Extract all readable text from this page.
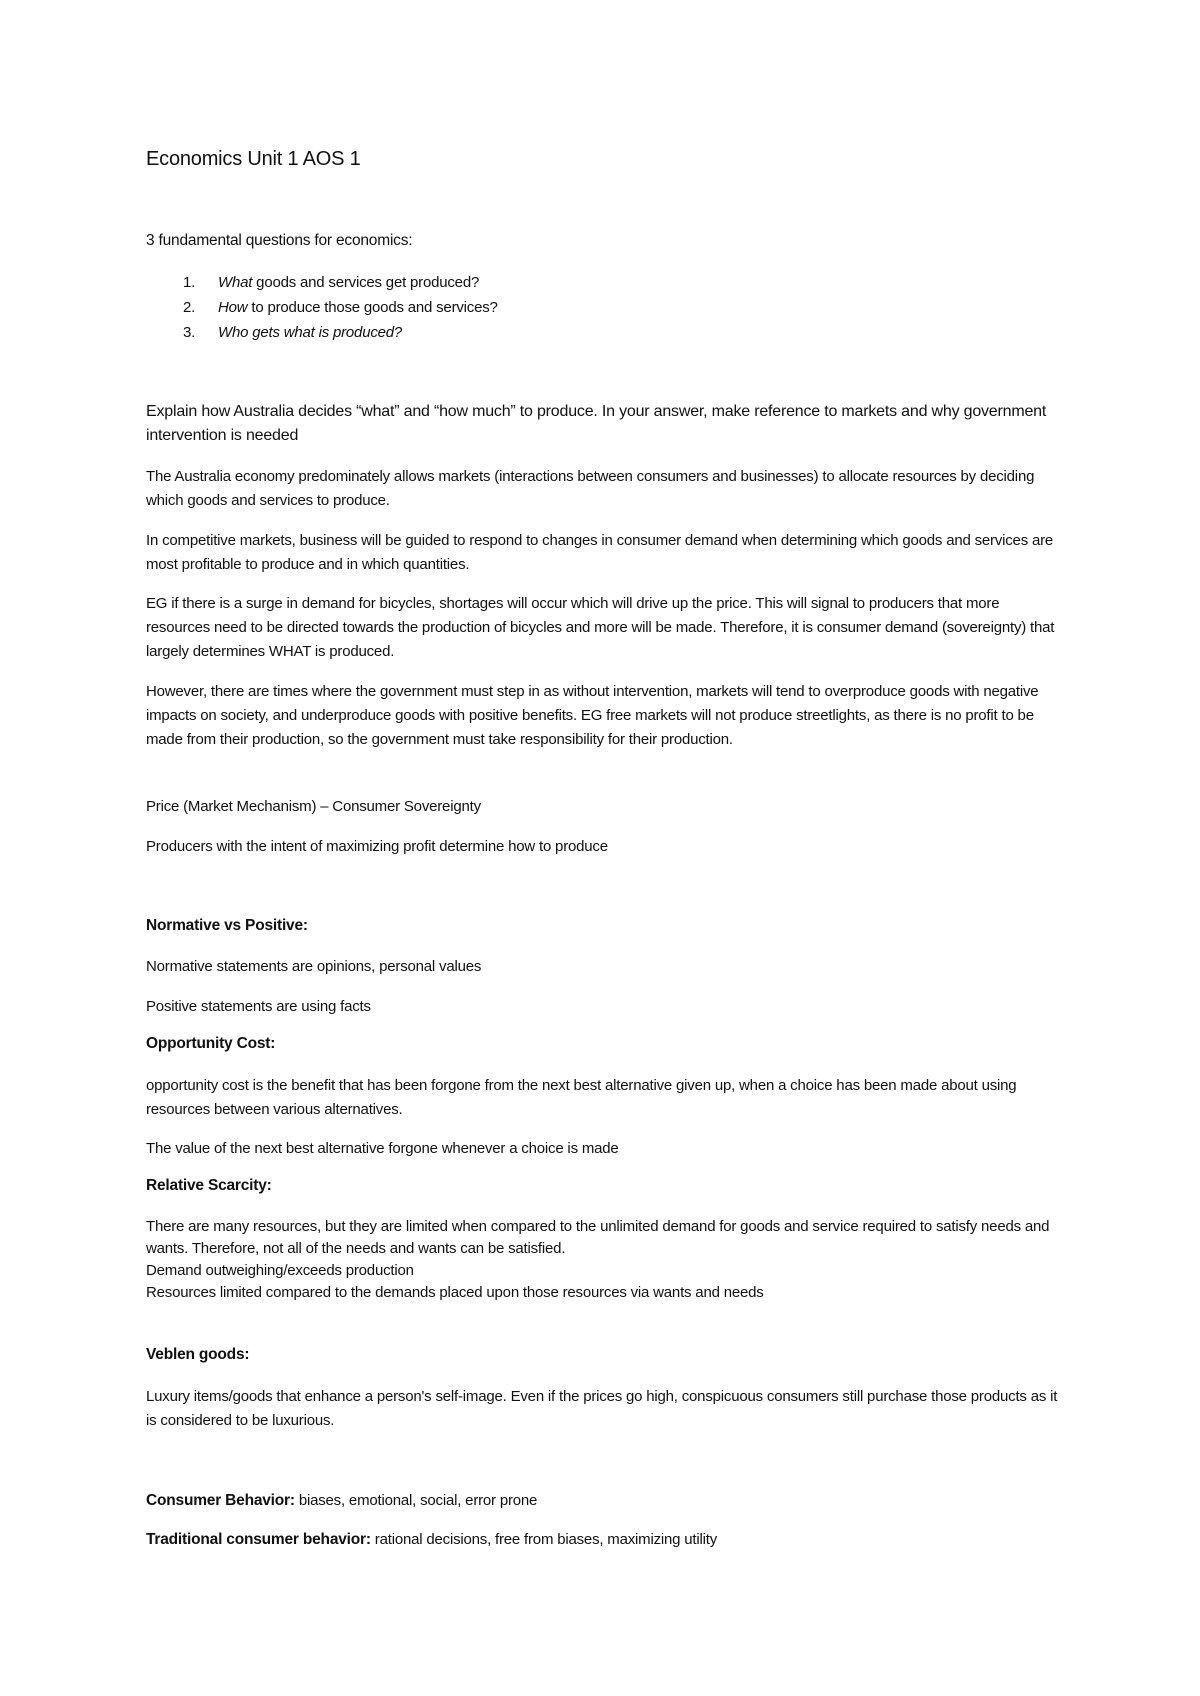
Economics Unit 1 AOS 1

3 fundamental questions for economics:

1. What goods and services get produced?
2. How to produce those goods and services?
3. Who gets what is produced?

Explain how Australia decides “what” and “how much” to produce. In your answer, make reference to markets and why government intervention is needed

The Australia economy predominately allows markets (interactions between consumers and businesses) to allocate resources by deciding which goods and services to produce.

In competitive markets, business will be guided to respond to changes in consumer demand when determining which goods and services are most profitable to produce and in which quantities.

EG if there is a surge in demand for bicycles, shortages will occur which will drive up the price. This will signal to producers that more resources need to be directed towards the production of bicycles and more will be made. Therefore, it is consumer demand (sovereignty) that largely determines WHAT is produced.

However, there are times where the government must step in as without intervention, markets will tend to overproduce goods with negative impacts on society, and underproduce goods with positive benefits. EG free markets will not produce streetlights, as there is no profit to be made from their production, so the government must take responsibility for their production.

Price (Market Mechanism) – Consumer Sovereignty

Producers with the intent of maximizing profit determine how to produce

Normative vs Positive:

Normative statements are opinions, personal values

Positive statements are using facts

Opportunity Cost:

opportunity cost is the benefit that has been forgone from the next best alternative given up, when a choice has been made about using resources between various alternatives.

The value of the next best alternative forgone whenever a choice is made

Relative Scarcity:

There are many resources, but they are limited when compared to the unlimited demand for goods and service required to satisfy needs and wants. Therefore, not all of the needs and wants can be satisfied.

Demand outweighing/exceeds production

Resources limited compared to the demands placed upon those resources via wants and needs

Veblen goods:

Luxury items/goods that enhance a person's self-image. Even if the prices go high, conspicuous consumers still purchase those products as it is considered to be luxurious.

Consumer Behavior: biases, emotional, social, error prone

Traditional consumer behavior: rational decisions, free from biases, maximizing utility
